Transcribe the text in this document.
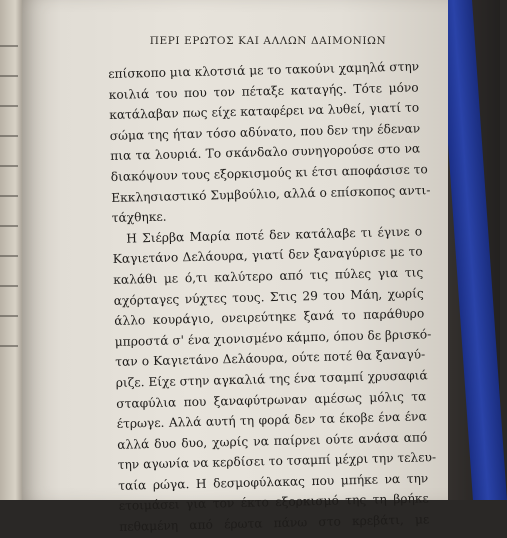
ΠΕΡΙ ΕΡΩΤΟΣ ΚΑΙ ΑΛΛΩΝ ΔΑΙΜΟΝΙΩΝ
επίσκοπο μια κλοτσιά με το τακούνι χαμηλά στην
κοιλιά του που τον πέταξε καταγής. Τότε μόνο
κατάλαβαν πως είχε καταφέρει να λυθεί, γιατί το
σώμα της ήταν τόσο αδύνατο, που δεν την έδεναν
πια τα λουριά. Το σκάνδαλο συνηγορούσε στο να
διακόψουν τους εξορκισμούς κι έτσι αποφάσισε το
Εκκλησιαστικό Συμβούλιο, αλλά ο επίσκοπος αντι-
τάχθηκε.
Η Σιέρβα Μαρία ποτέ δεν κατάλαβε τι έγινε ο
Καγιετάνο Δελάουρα, γιατί δεν ξαναγύρισε με το
καλάθι με ό,τι καλύτερο από τις πύλες για τις
αχόρταγες νύχτες τους. Στις 29 του Μάη, χωρίς
άλλο κουράγιο, ονειρεύτηκε ξανά το παράθυρο
μπροστά σ' ένα χιονισμένο κάμπο, όπου δε βρισκό-
ταν ο Καγιετάνο Δελάουρα, ούτε ποτέ θα ξαναγύ-
ριζε. Είχε στην αγκαλιά της ένα τσαμπί χρυσαφιά
σταφύλια που ξαναφύτρωναν αμέσως μόλις τα
έτρωγε. Αλλά αυτή τη φορά δεν τα έκοβε ένα ένα
αλλά δυο δυο, χωρίς να παίρνει ούτε ανάσα από
την αγωνία να κερδίσει το τσαμπί μέχρι την τελευ-
ταία ρώγα. Η δεσμοφύλακας που μπήκε να την
ετοιμάσει για τον έκτο εξορκισμό της τη βρήκε
πεθαμένη από έρωτα πάνω στο κρεβάτι, με
